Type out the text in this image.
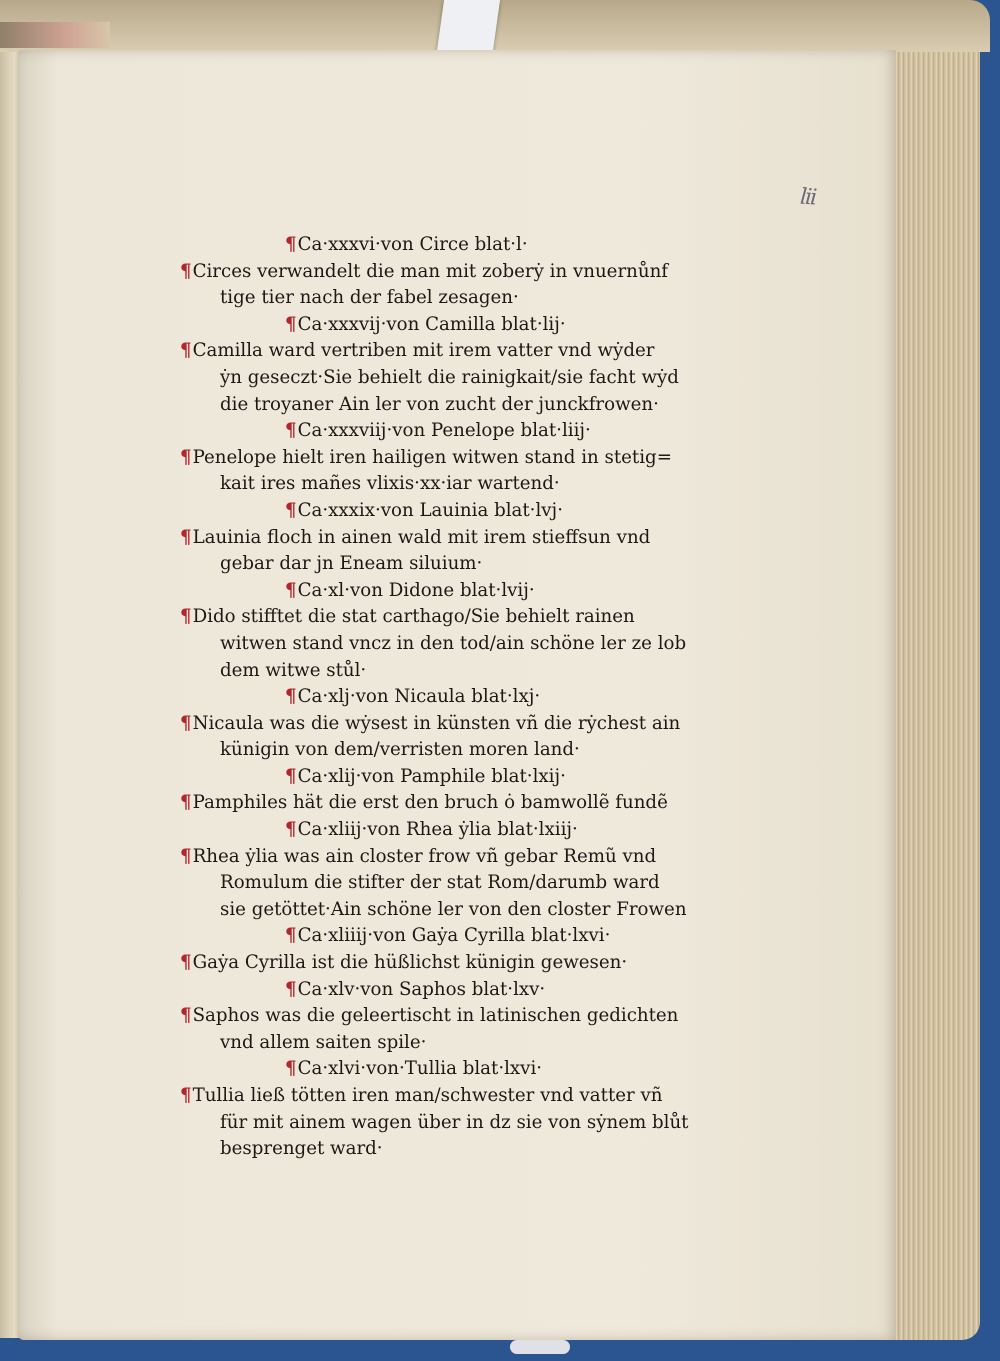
lii
¶Ca·xxxvi·von Circe blat·l·
¶Circes verwandelt die man mit zoberẏ in vnuernůnf
tige tier nach der fabel zesagen·
¶Ca·xxxvij·von Camilla blat·lij·
¶Camilla ward vertriben mit irem vatter vnd wẏder
ẏn geseczt·Sie behielt die rainigkait/sie facht wẏd
die troyaner Ain ler von zucht der junckfrowen·
¶Ca·xxxviij·von Penelope blat·liij·
¶Penelope hielt iren hailigen witwen stand in stetig=
kait ires mañes vlixis·xx·iar wartend·
¶Ca·xxxix·von Lauinia blat·lvj·
¶Lauinia floch in ainen wald mit irem stieffsun vnd
gebar dar jn Eneam siluium·
¶Ca·xl·von Didone blat·lvij·
¶Dido stifftet die stat carthago/Sie behielt rainen
witwen stand vncz in den tod/ain schöne ler ze lob
dem witwe stůl·
¶Ca·xlj·von Nicaula blat·lxj·
¶Nicaula was die wẏsest in künsten vñ die rẏchest ain
künigin von dem/verristen moren land·
¶Ca·xlij·von Pamphile blat·lxij·
¶Pamphiles hät die erst den bruch ȯ bamwollẽ fundẽ
¶Ca·xliij·von Rhea ẏlia blat·lxiij·
¶Rhea ẏlia was ain closter frow vñ gebar Remũ vnd
Romulum die stifter der stat Rom/darumb ward
sie getöttet·Ain schöne ler von den closter Frowen
¶Ca·xliiij·von Gaẏa Cyrilla blat·lxvi·
¶Gaẏa Cyrilla ist die hüßlichst künigin gewesen·
¶Ca·xlv·von Saphos blat·lxv·
¶Saphos was die geleertischt in latinischen gedichten
vnd allem saiten spile·
¶Ca·xlvi·von·Tullia blat·lxvi·
¶Tullia ließ tötten iren man/schwester vnd vatter vñ
für mit ainem wagen über in dz sie von sẏnem blůt
besprenget ward·
